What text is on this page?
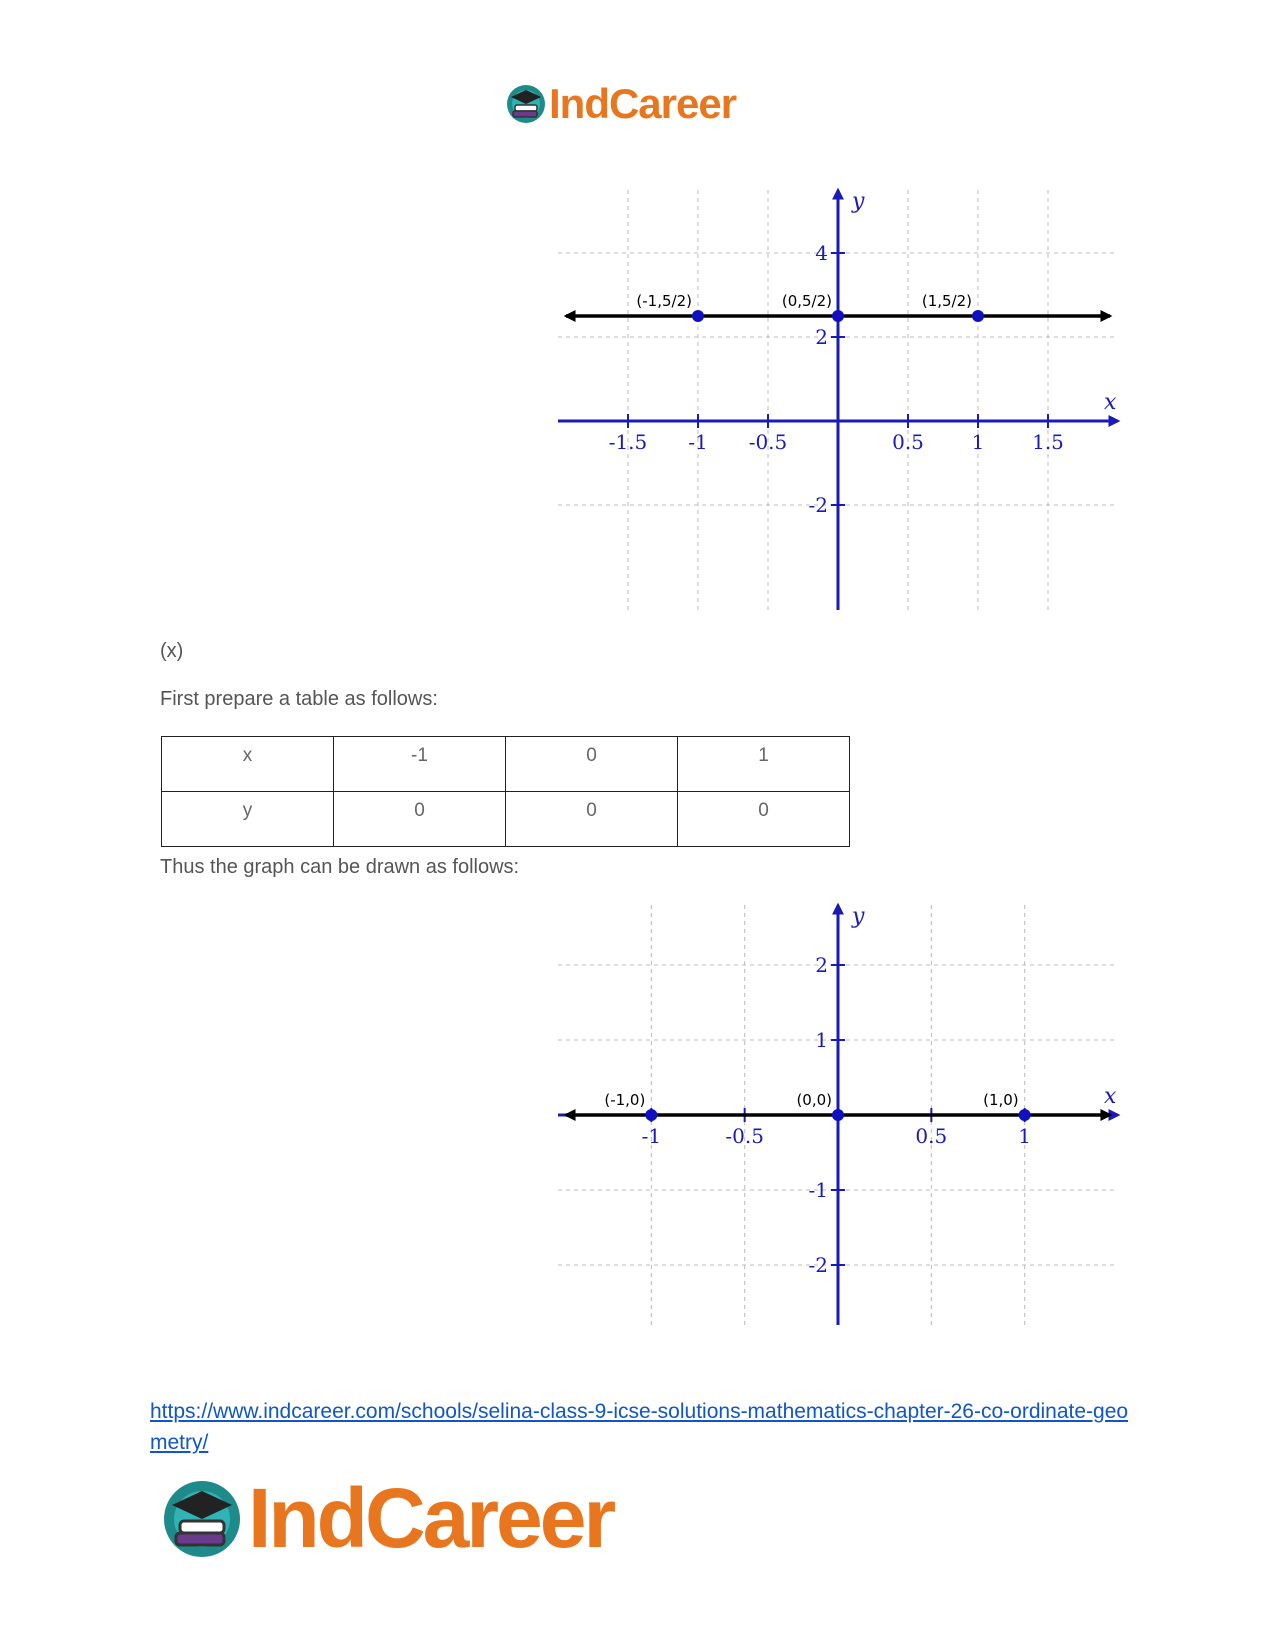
IndCareer
-1.5 -1 -0.5	0.5 1 1.5
4
2
-2
x
y
(-1,5/2)	(0,5/2)	(1,5/2)
(x)
First prepare a table as follows:
x	-1	0	1
y	0	0	0
Thus the graph can be drawn as follows:
-1	-0.5	0.5	1
2
1
-1
-2
x
y
(-1,0)	(0,0)	(1,0)
https://www.indcareer.com/schools/selina-class-9-icse-solutions-mathematics-chapter-26-co-ordinate-geometry/
IndCareer
